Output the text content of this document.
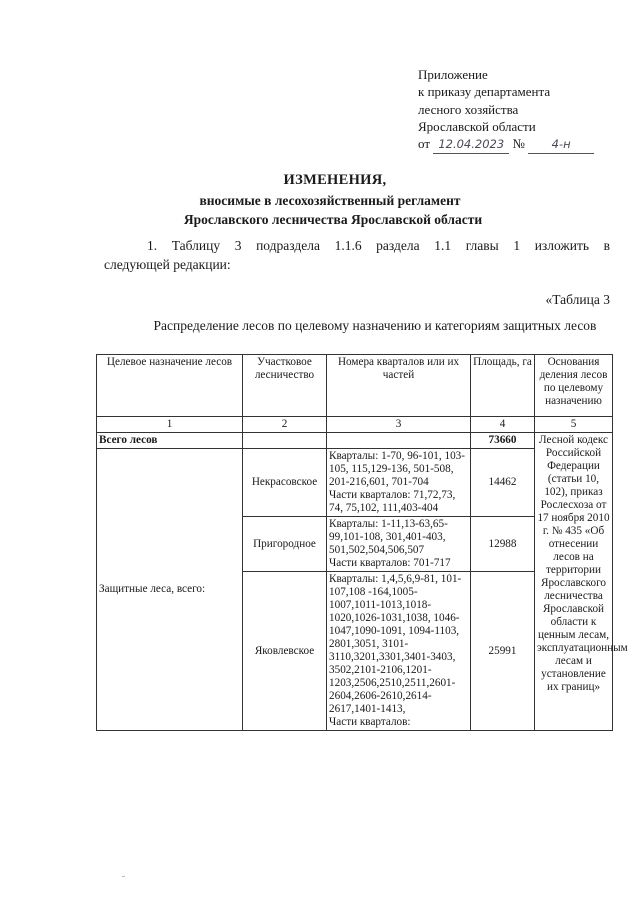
Приложение
к приказу департамента
лесного хозяйства
Ярославской области
от 12.04.2023 № 4-н
ИЗМЕНЕНИЯ,
вносимые в лесохозяйственный регламент
Ярославского лесничества Ярославской области
1. Таблицу 3 подраздела 1.1.6 раздела 1.1 главы 1 изложить в
следующей редакции:
«Таблица 3
Распределение лесов по целевому назначению и категориям защитных лесов
Целевое назначение лесов	Участковое лесничество	Номера кварталов или их частей	Площадь, га	Основания деления лесов по целевому назначению
1	2	3	4	5
Всего лесов			73660	Лесной кодекс Российской Федерации (статьи 10, 102), приказ Рослесхоза от 17 ноября 2010 г. № 435 «Об отнесении лесов на территории Ярославского лесничества Ярославской области к ценным лесам, эксплуатационным лесам и установление их границ»
Защитные леса, всего:	Некрасовское	Кварталы: 1-70, 96-101, 103-105, 115,129-136, 501-508, 201-216,601, 701-704
Части кварталов: 71,72,73, 74, 75,102, 111,403-404	14462	
	Пригородное	Кварталы: 1-11,13-63,65-99,101-108, 301,401-403, 501,502,504,506,507
Части кварталов: 701-717	12988	
	Яковлевское	Кварталы: 1,4,5,6,9-81, 101-107,108 -164,1005-1007,1011-1013,1018-1020,1026-1031,1038, 1046-1047,1090-1091, 1094-1103, 2801,3051, 3101-3110,3201,3301,3401-3403, 3502,2101-2106,1201-1203,2506,2510,2511,2601-2604,2606-2610,2614-2617,1401-1413,
Части кварталов:	25991	
